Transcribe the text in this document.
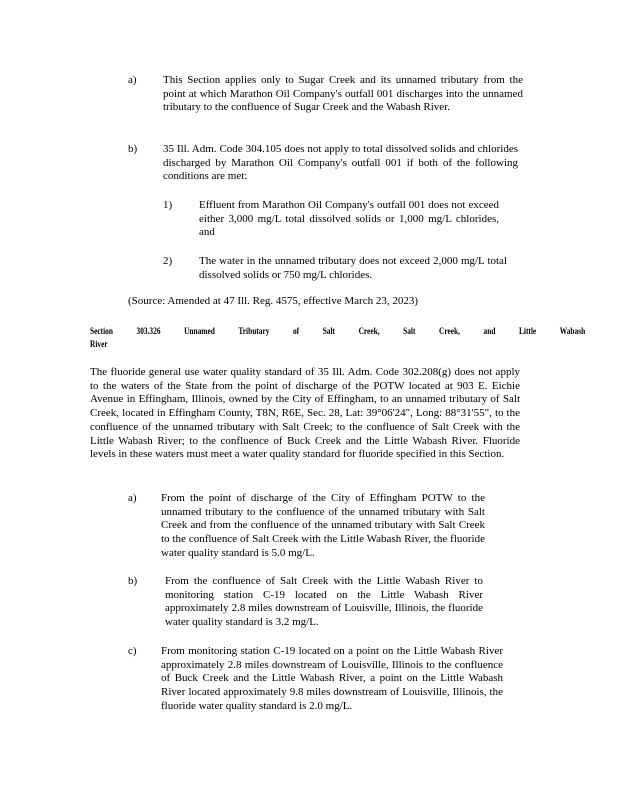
a) This Section applies only to Sugar Creek and its unnamed tributary from the point at which Marathon Oil Company's outfall 001 discharges into the unnamed tributary to the confluence of Sugar Creek and the Wabash River.

b) 35 Ill. Adm. Code 304.105 does not apply to total dissolved solids and chlorides discharged by Marathon Oil Company's outfall 001 if both of the following conditions are met:

1) Effluent from Marathon Oil Company's outfall 001 does not exceed either 3,000 mg/L total dissolved solids or 1,000 mg/L chlorides, and

2) The water in the unnamed tributary does not exceed 2,000 mg/L total dissolved solids or 750 mg/L chlorides.

(Source: Amended at 47 Ill. Reg. 4575, effective March 23, 2023)

Section	303.326	Unnamed	Tributary	of	Salt	Creek,	Salt	Creek,	and	Little	Wabash
River

The fluoride general use water quality standard of 35 Ill. Adm. Code 302.208(g) does not apply to the waters of the State from the point of discharge of the POTW located at 903 E. Eichie Avenue in Effingham, Illinois, owned by the City of Effingham, to an unnamed tributary of Salt Creek, located in Effingham County, T8N, R6E, Sec. 28, Lat: 39°06'24", Long: 88°31'55", to the confluence of the unnamed tributary with Salt Creek; to the confluence of Salt Creek with the Little Wabash River; to the confluence of Buck Creek and the Little Wabash River. Fluoride levels in these waters must meet a water quality standard for fluoride specified in this Section.

a) From the point of discharge of the City of Effingham POTW to the unnamed tributary to the confluence of the unnamed tributary with Salt Creek and from the confluence of the unnamed tributary with Salt Creek to the confluence of Salt Creek with the Little Wabash River, the fluoride water quality standard is 5.0 mg/L.

b)	From the confluence of Salt Creek with the Little Wabash River to monitoring station C-19 located on the Little Wabash River approximately 2.8 miles downstream of Louisville, Illinois, the fluoride water quality standard is 3.2 mg/L.

c) From monitoring station C-19 located on a point on the Little Wabash River approximately 2.8 miles downstream of Louisville, Illinois to the confluence of Buck Creek and the Little Wabash River, a point on the Little Wabash River located approximately 9.8 miles downstream of Louisville, Illinois, the fluoride water quality standard is 2.0 mg/L.
